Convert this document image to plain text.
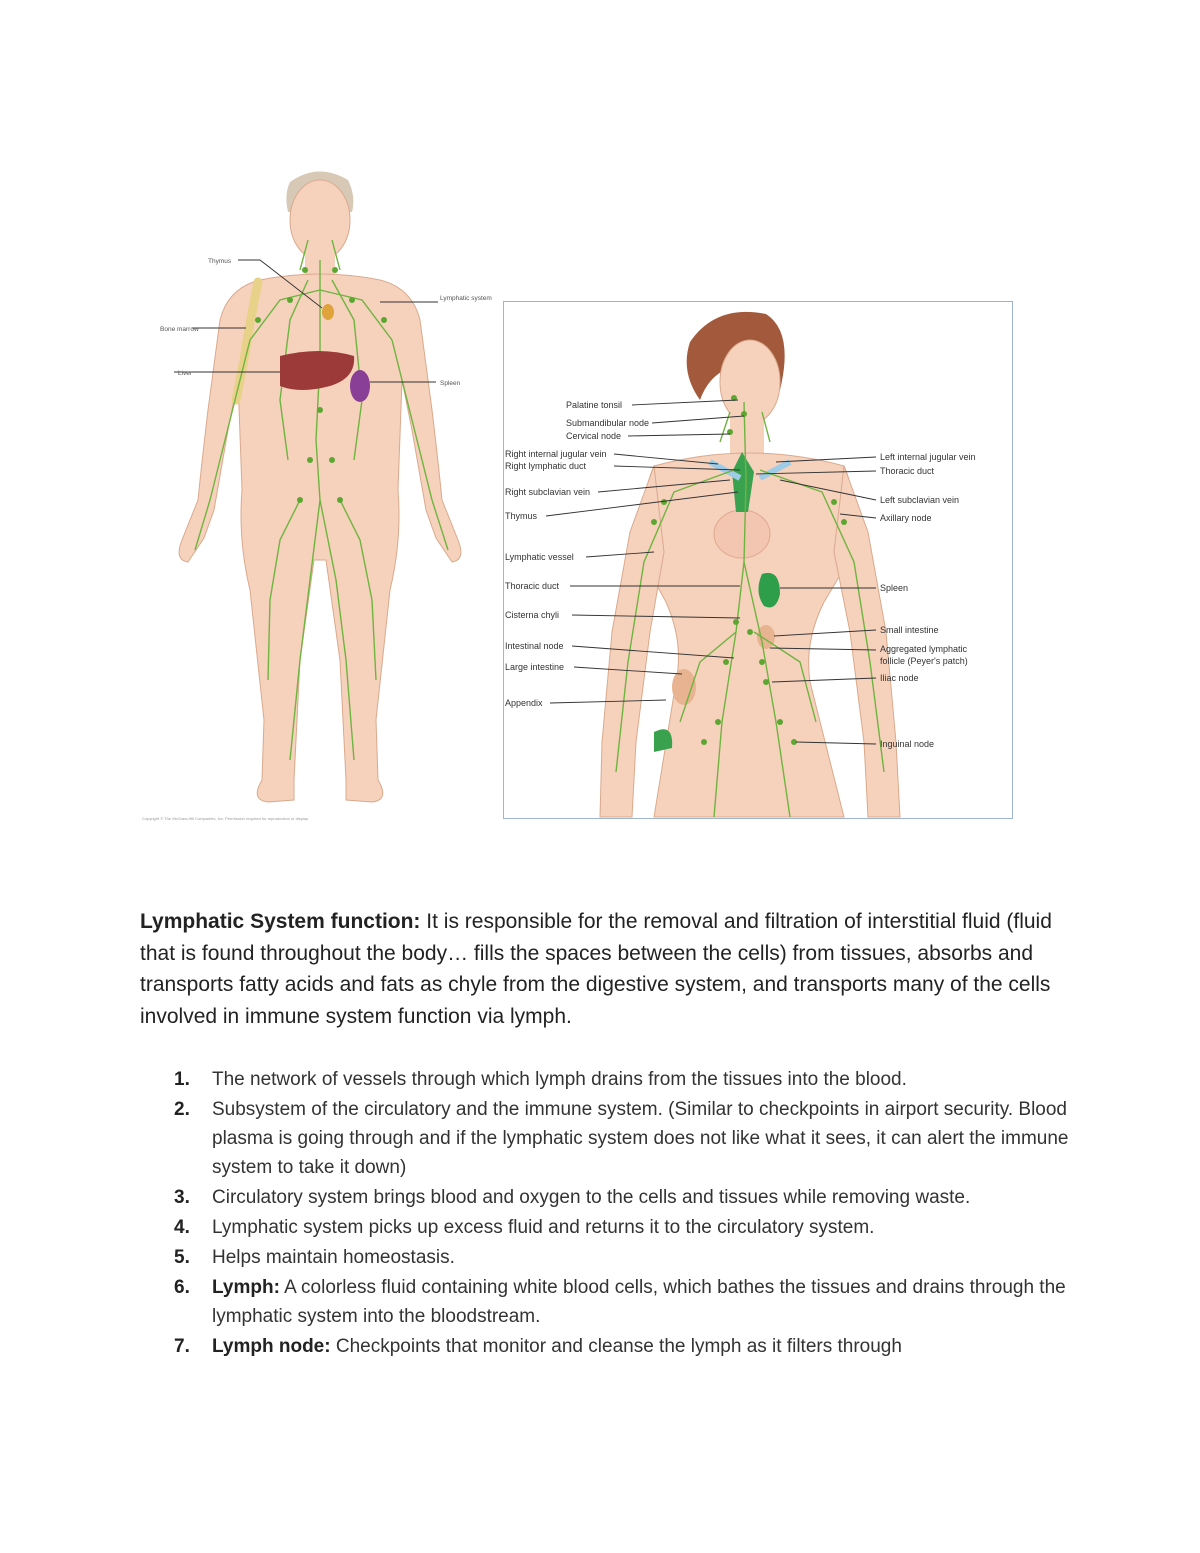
Thymus
Bone marrow
Liver
Lymphatic system
Spleen
Copyright © The McGraw-Hill Companies, Inc. Permission required for reproduction or display.
Palatine tonsil
Submandibular node
Cervical node
Right internal jugular vein
Right lymphatic duct
Right subclavian vein
Thymus
Lymphatic vessel
Thoracic duct
Cisterna chyli
Intestinal node
Large intestine
Appendix
Left internal jugular vein
Thoracic duct
Left subclavian vein
Axillary node
Spleen
Small intestine
Aggregated lymphatic
follicle (Peyer's patch)
Iliac node
Inguinal node

Lymphatic System function: It is responsible for the removal and filtration of interstitial fluid (fluid that is found throughout the body… fills the spaces between the cells) from tissues, absorbs and transports fatty acids and fats as chyle from the digestive system, and transports many of the cells involved in immune system function via lymph.

1. The network of vessels through which lymph drains from the tissues into the blood.
2. Subsystem of the circulatory and the immune system. (Similar to checkpoints in airport security. Blood plasma is going through and if the lymphatic system does not like what it sees, it can alert the immune system to take it down)
3. Circulatory system brings blood and oxygen to the cells and tissues while removing waste.
4. Lymphatic system picks up excess fluid and returns it to the circulatory system.
5. Helps maintain homeostasis.
6. Lymph: A colorless fluid containing white blood cells, which bathes the tissues and drains through the lymphatic system into the bloodstream.
7. Lymph node: Checkpoints that monitor and cleanse the lymph as it filters through
